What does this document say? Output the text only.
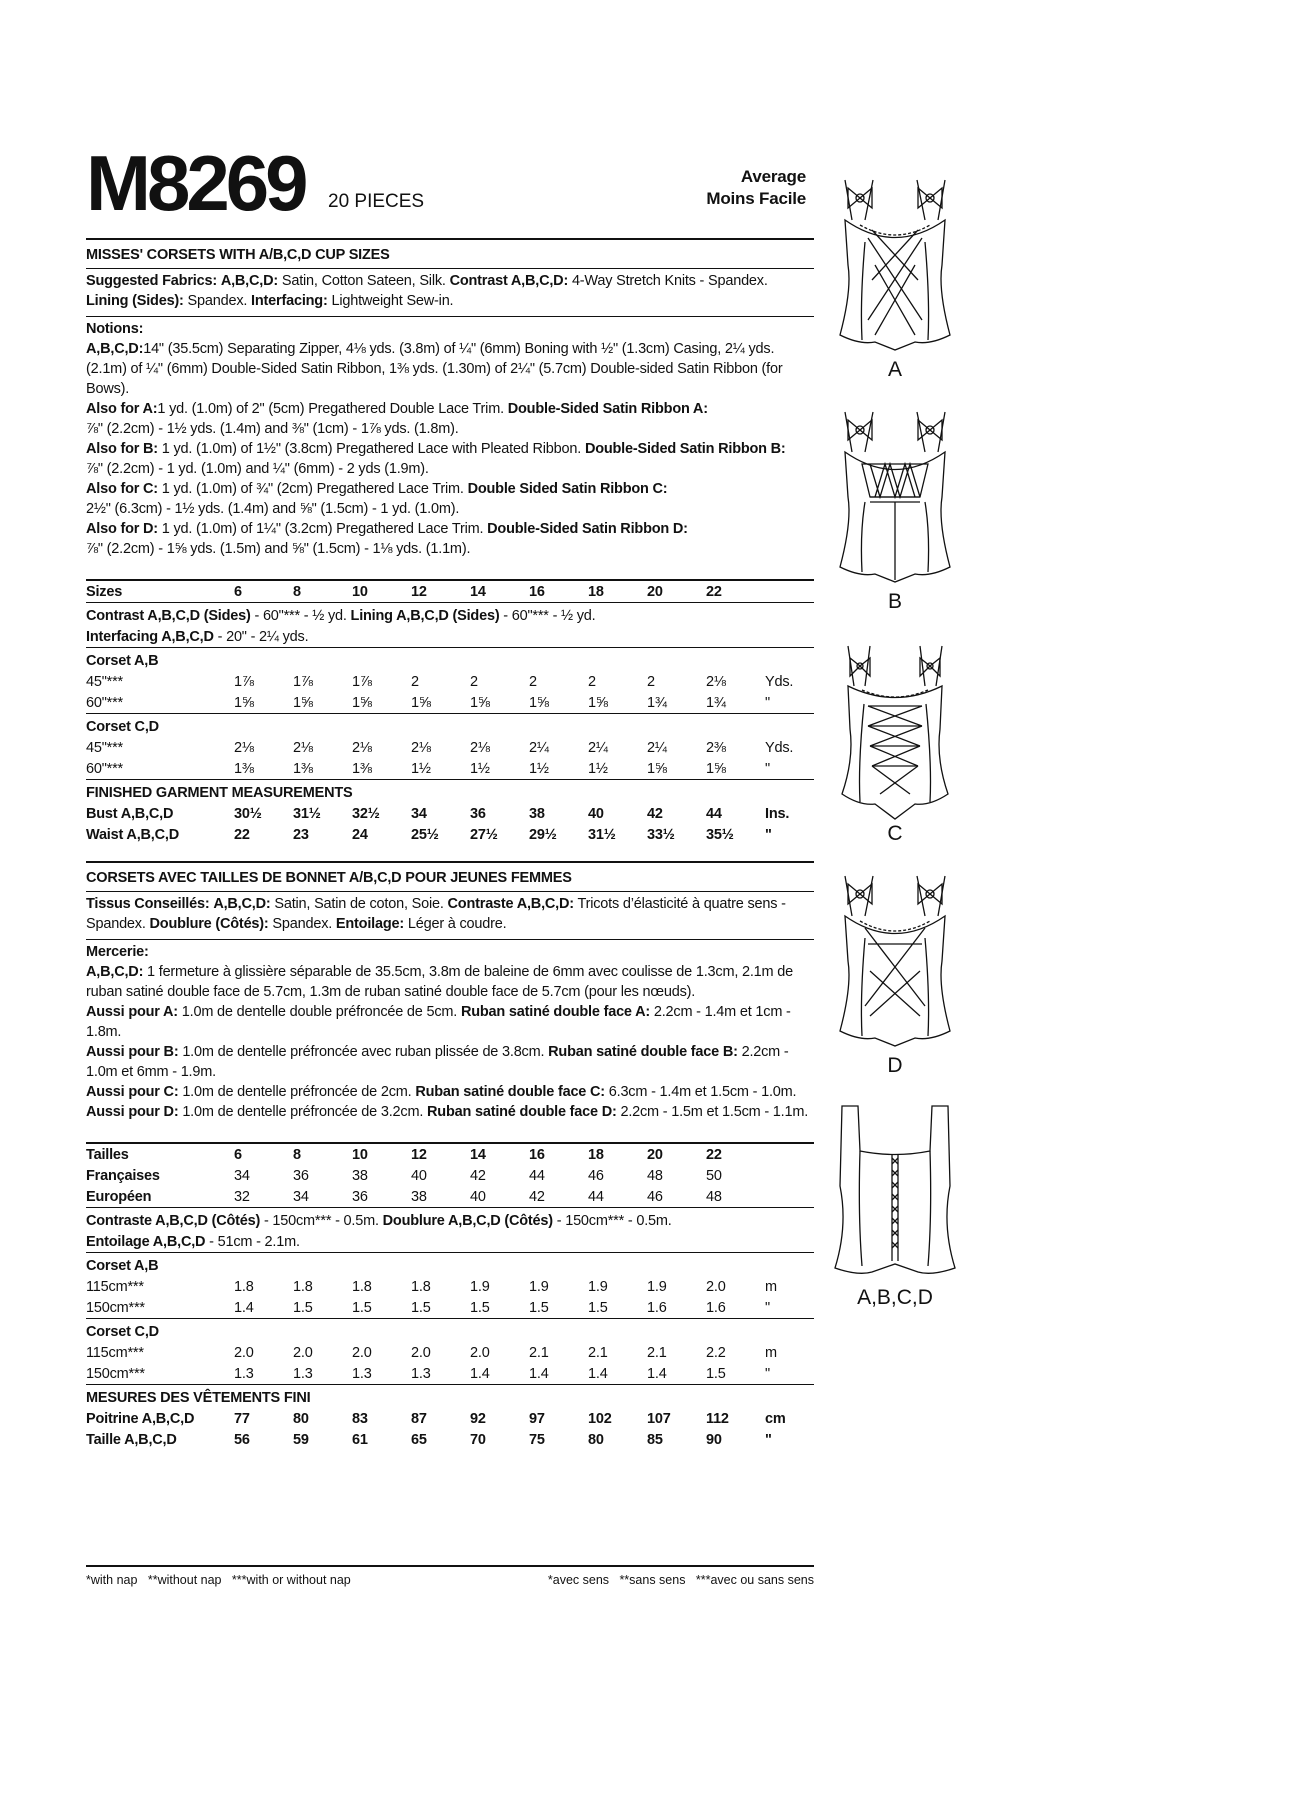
M8269 20 PIECES
Average
Moins Facile
MISSES' CORSETS WITH A/B,C,D CUP SIZES
Suggested Fabrics: A,B,C,D: Satin, Cotton Sateen, Silk. Contrast A,B,C,D: 4-Way Stretch Knits - Spandex.
Lining (Sides): Spandex. Interfacing: Lightweight Sew-in.
Notions:
A,B,C,D:14" (35.5cm) Separating Zipper, 4⅛ yds. (3.8m) of ¼" (6mm) Boning with ½" (1.3cm) Casing, 2¼ yds. (2.1m) of ¼" (6mm) Double-Sided Satin Ribbon, 1⅜ yds. (1.30m) of 2¼" (5.7cm) Double-sided Satin Ribbon (for Bows).
Also for A:1 yd. (1.0m) of 2" (5cm) Pregathered Double Lace Trim. Double-Sided Satin Ribbon A:
⅞" (2.2cm) - 1½ yds. (1.4m) and ⅜" (1cm) - 1⅞ yds. (1.8m).
Also for B: 1 yd. (1.0m) of 1½" (3.8cm) Pregathered Lace with Pleated Ribbon. Double-Sided Satin Ribbon B:
⅞" (2.2cm) - 1 yd. (1.0m) and ¼" (6mm) - 2 yds (1.9m).
Also for C: 1 yd. (1.0m) of ¾" (2cm) Pregathered Lace Trim. Double Sided Satin Ribbon C:
2½" (6.3cm) - 1½ yds. (1.4m) and ⅝" (1.5cm) - 1 yd. (1.0m).
Also for D: 1 yd. (1.0m) of 1¼" (3.2cm) Pregathered Lace Trim. Double-Sided Satin Ribbon D:
⅞" (2.2cm) - 1⅝ yds. (1.5m) and ⅝" (1.5cm) - 1⅛ yds. (1.1m).
Sizes	6	8	10	12	14	16	18	20	22	

Contrast A,B,C,D (Sides) - 60"*** - ½ yd. Lining A,B,C,D (Sides) - 60"*** - ½ yd.										
Interfacing A,B,C,D - 20" - 2¼ yds.										

Corset A,B										
45"***	1⅞	1⅞	1⅞	2	2	2	2	2	2⅛	Yds.
60"***	1⅝	1⅝	1⅝	1⅝	1⅝	1⅝	1⅝	1¾	1¾	"

Corset C,D										
45"***	2⅛	2⅛	2⅛	2⅛	2⅛	2¼	2¼	2¼	2⅜	Yds.
60"***	1⅜	1⅜	1⅜	1½	1½	1½	1½	1⅝	1⅝	"

FINISHED GARMENT MEASUREMENTS										
Bust A,B,C,D	30½	31½	32½	34	36	38	40	42	44	Ins.
Waist A,B,C,D	22	23	24	25½	27½	29½	31½	33½	35½	"
CORSETS AVEC TAILLES DE BONNET A/B,C,D POUR JEUNES FEMMES
Tissus Conseillés: A,B,C,D: Satin, Satin de coton, Soie. Contraste A,B,C,D: Tricots d’élasticité à quatre sens - Spandex. Doublure (Côtés): Spandex. Entoilage: Léger à coudre.
Mercerie:
A,B,C,D: 1 fermeture à glissière séparable de 35.5cm, 3.8m de baleine de 6mm avec coulisse de 1.3cm, 2.1m de ruban satiné double face de 5.7cm, 1.3m de ruban satiné double face de 5.7cm (pour les nœuds).
Aussi pour A: 1.0m de dentelle double préfroncée de 5cm. Ruban satiné double face A: 2.2cm - 1.4m et 1cm - 1.8m.
Aussi pour B: 1.0m de dentelle préfroncée avec ruban plissée de 3.8cm. Ruban satiné double face B: 2.2cm - 1.0m et 6mm - 1.9m.
Aussi pour C: 1.0m de dentelle préfroncée de 2cm. Ruban satiné double face C: 6.3cm - 1.4m et 1.5cm - 1.0m.
Aussi pour D: 1.0m de dentelle préfroncée de 3.2cm. Ruban satiné double face D: 2.2cm - 1.5m et 1.5cm - 1.1m.
Tailles	6	8	10	12	14	16	18	20	22	
Françaises	34	36	38	40	42	44	46	48	50	
Européen	32	34	36	38	40	42	44	46	48	

Contraste A,B,C,D (Côtés) - 150cm*** - 0.5m. Doublure A,B,C,D (Côtés) - 150cm*** - 0.5m.										
Entoilage A,B,C,D - 51cm - 2.1m.										

Corset A,B										
115cm***	1.8	1.8	1.8	1.8	1.9	1.9	1.9	1.9	2.0	m
150cm***	1.4	1.5	1.5	1.5	1.5	1.5	1.5	1.6	1.6	"

Corset C,D										
115cm***	2.0	2.0	2.0	2.0	2.0	2.1	2.1	2.1	2.2	m
150cm***	1.3	1.3	1.3	1.3	1.4	1.4	1.4	1.4	1.5	"

MESURES DES VÊTEMENTS FINI										
Poitrine A,B,C,D	77	80	83	87	92	97	102	107	112	cm
Taille A,B,C,D	56	59	61	65	70	75	80	85	90	"
*with nap   **without nap   ***with or without nap	*avec sens   **sans sens   ***avec ou sans sens
A
B
C
D
A,B,C,D
